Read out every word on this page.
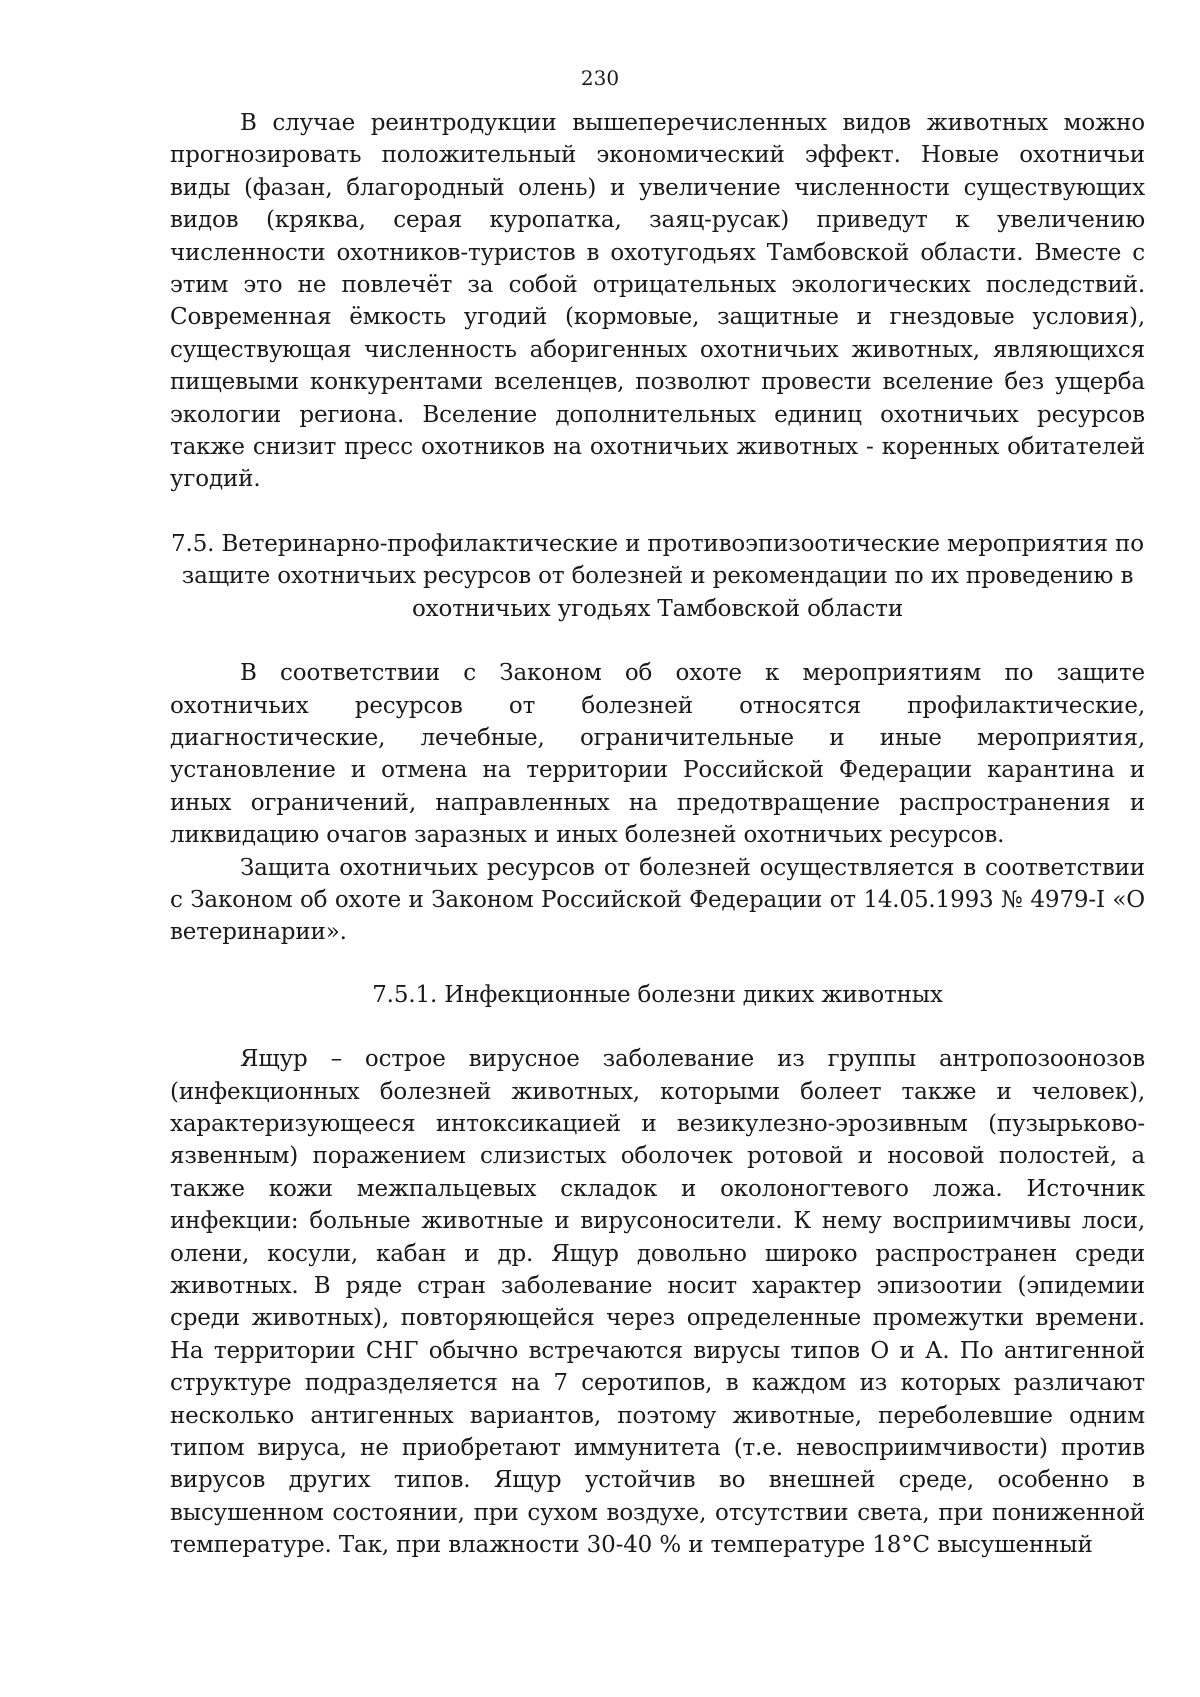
230

В случае реинтродукции вышеперечисленных видов животных можно прогнозировать положительный экономический эффект. Новые охотничьи виды (фазан, благородный олень) и увеличение численности существующих видов (кряква, серая куропатка, заяц-русак) приведут к увеличению численности охотников-туристов в охотугодьях Тамбовской области. Вместе с этим это не повлечёт за собой отрицательных экологических последствий. Современная ёмкость угодий (кормовые, защитные и гнездовые условия), существующая численность аборигенных охотничьих животных, являющихся пищевыми конкурентами вселенцев, позволют провести вселение без ущерба экологии региона. Вселение дополнительных единиц охотничьих ресурсов также снизит пресс охотников на охотничьих животных - коренных обитателей угодий.

7.5. Ветеринарно-профилактические и противоэпизоотические мероприятия по защите охотничьих ресурсов от болезней и рекомендации по их проведению в охотничьих угодьях Тамбовской области

В соответствии с Законом об охоте к мероприятиям по защите охотничьих ресурсов от болезней относятся профилактические, диагностические, лечебные, ограничительные и иные мероприятия, установление и отмена на территории Российской Федерации карантина и иных ограничений, направленных на предотвращение распространения и ликвидацию очагов заразных и иных болезней охотничьих ресурсов.

Защита охотничьих ресурсов от болезней осуществляется в соответствии с Законом об охоте и Законом Российской Федерации от 14.05.1993 № 4979-I «О ветеринарии».

7.5.1. Инфекционные болезни диких животных

Ящур – острое вирусное заболевание из группы антропозоонозов (инфекционных болезней животных, которыми болеет также и человек), характеризующееся интоксикацией и везикулезно-эрозивным (пузырьково-язвенным) поражением слизистых оболочек ротовой и носовой полостей, а также кожи межпальцевых складок и околоногтевого ложа. Источник инфекции: больные животные и вирусоносители. К нему восприимчивы лоси, олени, косули, кабан и др. Ящур довольно широко распространен среди животных. В ряде стран заболевание носит характер эпизоотии (эпидемии среди животных), повторяющейся через определенные промежутки времени. На территории СНГ обычно встречаются вирусы типов О и А. По антигенной структуре подразделяется на 7 серотипов, в каждом из которых различают несколько антигенных вариантов, поэтому животные, переболевшие одним типом вируса, не приобретают иммунитета (т.е. невосприимчивости) против вирусов других типов. Ящур устойчив во внешней среде, особенно в высушенном состоянии, при сухом воздухе, отсутствии света, при пониженной температуре. Так, при влажности 30-40 % и температуре 18°С высушенный
